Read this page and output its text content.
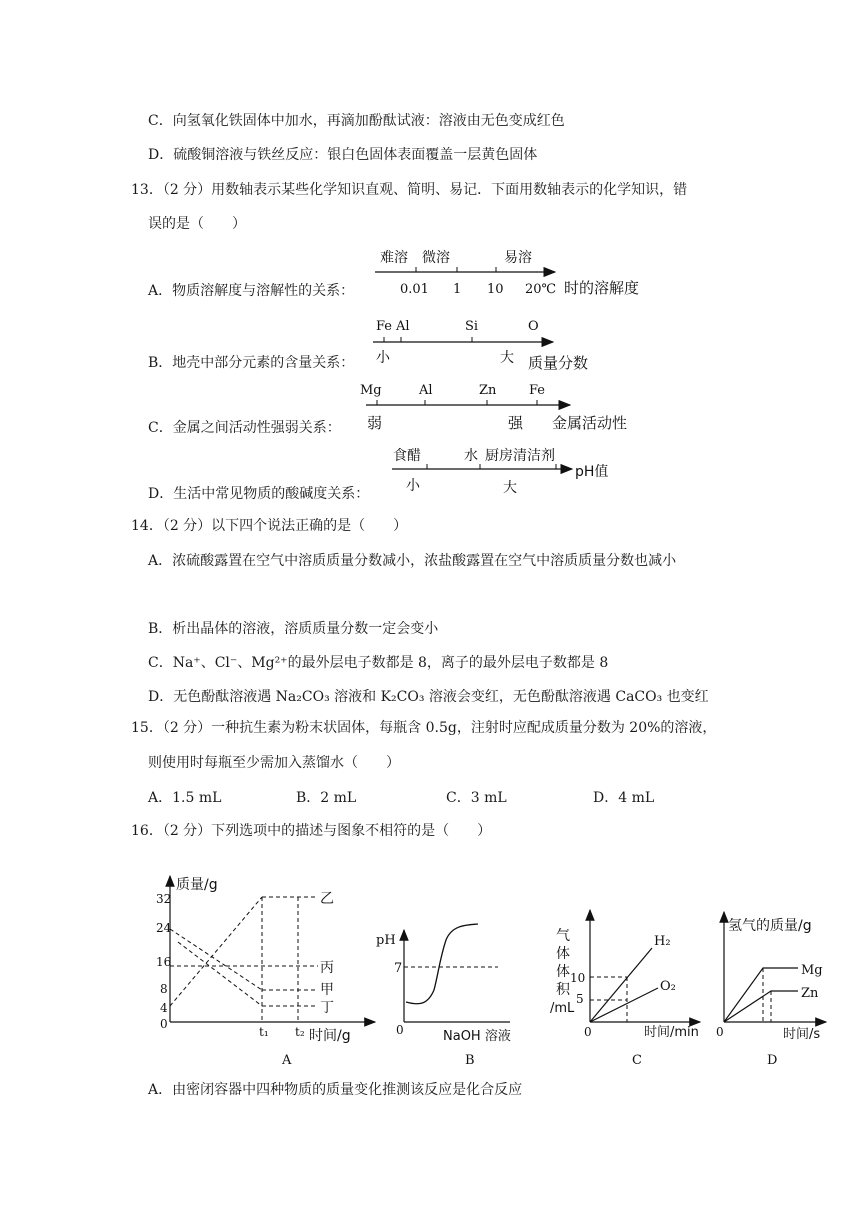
C．向氢氧化铁固体中加水，再滴加酚酞试液：溶液由无色变成红色
D．硫酸铜溶液与铁丝反应：银白色固体表面覆盖一层黄色固体
13．（2 分）用数轴表示某些化学知识直观、简明、易记．下面用数轴表示的化学知识，错
误的是（　　）
A．物质溶解度与溶解性的关系：
B．地壳中部分元素的含量关系：
C．金属之间活动性强弱关系：
D．生活中常见物质的酸碱度关系：
14．（2 分）以下四个说法正确的是（　　）
A．浓硫酸露置在空气中溶质质量分数减小，浓盐酸露置在空气中溶质质量分数也减小
B．析出晶体的溶液，溶质质量分数一定会变小
C．Na⁺、Cl⁻、Mg²⁺的最外层电子数都是 8，离子的最外层电子数都是 8
D．无色酚酞溶液遇 Na₂CO₃ 溶液和 K₂CO₃ 溶液会变红，无色酚酞溶液遇 CaCO₃ 也变红
15．（2 分）一种抗生素为粉末状固体，每瓶含 0.5g，注射时应配成质量分数为 20%的溶液，
则使用时每瓶至少需加入蒸馏水（　　）
A．1.5 mL	B．2 mL	C．3 mL	D．4 mL
16．（2 分）下列选项中的描述与图象不相符的是（　　）
A．由密闭容器中四种物质的质量变化推测该反应是化合反应
难溶 微溶	易溶
0.01 1 10 20℃ 时的溶解度
Fe Al	Si	O
小	大 质量分数
Mg	Al	Zn	Fe
弱	强 金属活动性
食醋	水 厨房清洁剂
小	大
pH值
质量/g
时间/g
32
24
16
8
4
0
t₁ t₂
乙
丙
甲
丁
A
pH
7
0	NaOH 溶液
B
气
体
体
积
/mL
10
5
0	时间/min
H₂
O₂
C
氢气的质量/g
0	时间/s
Mg
Zn
D
